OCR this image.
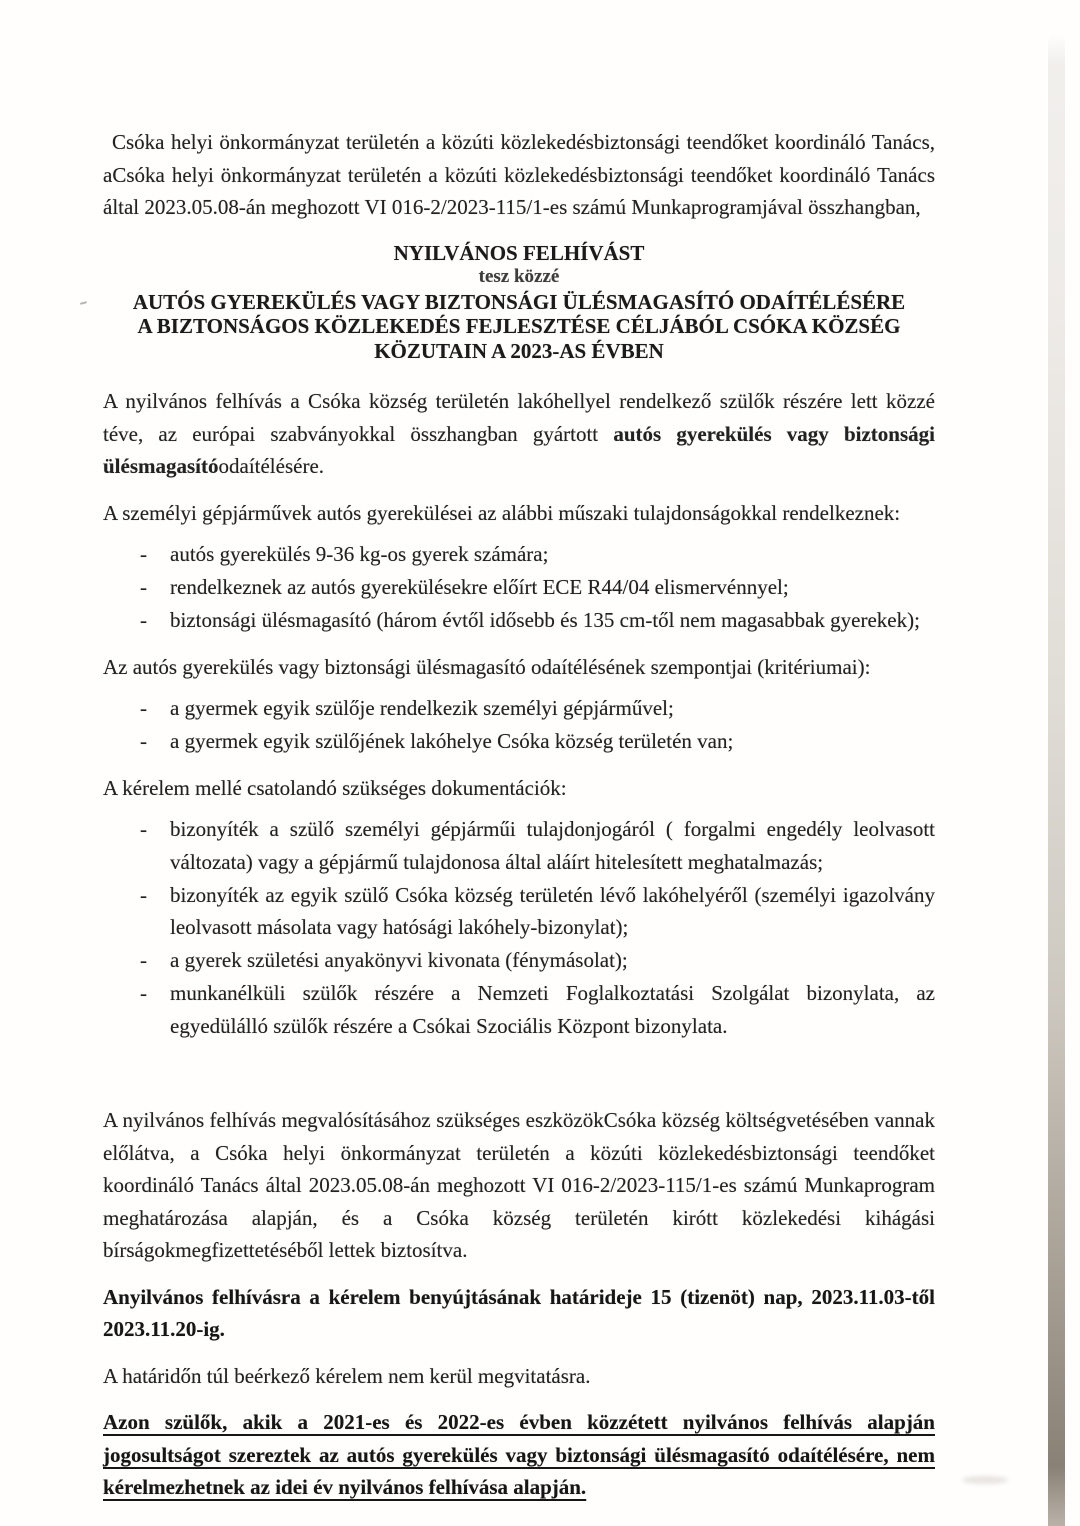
Csóka helyi önkormányzat területén a közúti közlekedésbiztonsági teendőket koordináló Tanács, aCsóka helyi önkormányzat területén a közúti közlekedésbiztonsági teendőket koordináló Tanács által 2023.05.08-án meghozott VI 016-2/2023-115/1-es számú Munkaprogramjával összhangban,

NYILVÁNOS FELHÍVÁST
tesz közzé
AUTÓS GYEREKÜLÉS VAGY BIZTONSÁGI ÜLÉSMAGASÍTÓ ODAÍTÉLÉSÉRE
A BIZTONSÁGOS KÖZLEKEDÉS FEJLESZTÉSE CÉLJÁBÓL CSÓKA KÖZSÉG
KÖZUTAIN A 2023-AS ÉVBEN

A nyilvános felhívás a Csóka község területén lakóhellyel rendelkező szülők részére lett közzé téve, az európai szabványokkal összhangban gyártott autós gyerekülés vagy biztonsági ülésmagasítóodaítélésére.

A személyi gépjárművek autós gyerekülései az alábbi műszaki tulajdonságokkal rendelkeznek:

- autós gyerekülés 9-36 kg-os gyerek számára;
- rendelkeznek az autós gyerekülésekre előírt ECE R44/04 elismervénnyel;
- biztonsági ülésmagasító (három évtől idősebb és 135 cm-től nem magasabbak gyerekek);

Az autós gyerekülés vagy biztonsági ülésmagasító odaítélésének szempontjai (kritériumai):

- a gyermek egyik szülője rendelkezik személyi gépjárművel;
- a gyermek egyik szülőjének lakóhelye Csóka község területén van;

A kérelem mellé csatolandó szükséges dokumentációk:

- bizonyíték a szülő személyi gépjárműi tulajdonjogáról ( forgalmi engedély leolvasott változata) vagy a gépjármű tulajdonosa által aláírt hitelesített meghatalmazás;
- bizonyíték az egyik szülő Csóka község területén lévő lakóhelyéről (személyi igazolvány leolvasott másolata vagy hatósági lakóhely-bizonylat);
- a gyerek születési anyakönyvi kivonata (fénymásolat);
- munkanélküli szülők részére a Nemzeti Foglalkoztatási Szolgálat bizonylata, az egyedülálló szülők részére a Csókai Szociális Központ bizonylata.

A nyilvános felhívás megvalósításához szükséges eszközökCsóka község költségvetésében vannak előlátva, a Csóka helyi önkormányzat területén a közúti közlekedésbiztonsági teendőket koordináló Tanács által 2023.05.08-án meghozott VI 016-2/2023-115/1-es számú Munkaprogram meghatározása alapján, és a Csóka község területén kirótt közlekedési kihágási bírságokmegfizettetéséből lettek biztosítva.

Anyilvános felhívásra a kérelem benyújtásának határideje 15 (tizenöt) nap, 2023.11.03-től 2023.11.20-ig.

A határidőn túl beérkező kérelem nem kerül megvitatásra.

Azon szülők, akik a 2021-es és 2022-es évben közzétett nyilvános felhívás alapján jogosultságot szereztek az autós gyerekülés vagy biztonsági ülésmagasító odaítélésére, nem kérelmezhetnek az idei év nyilvános felhívása alapján.
